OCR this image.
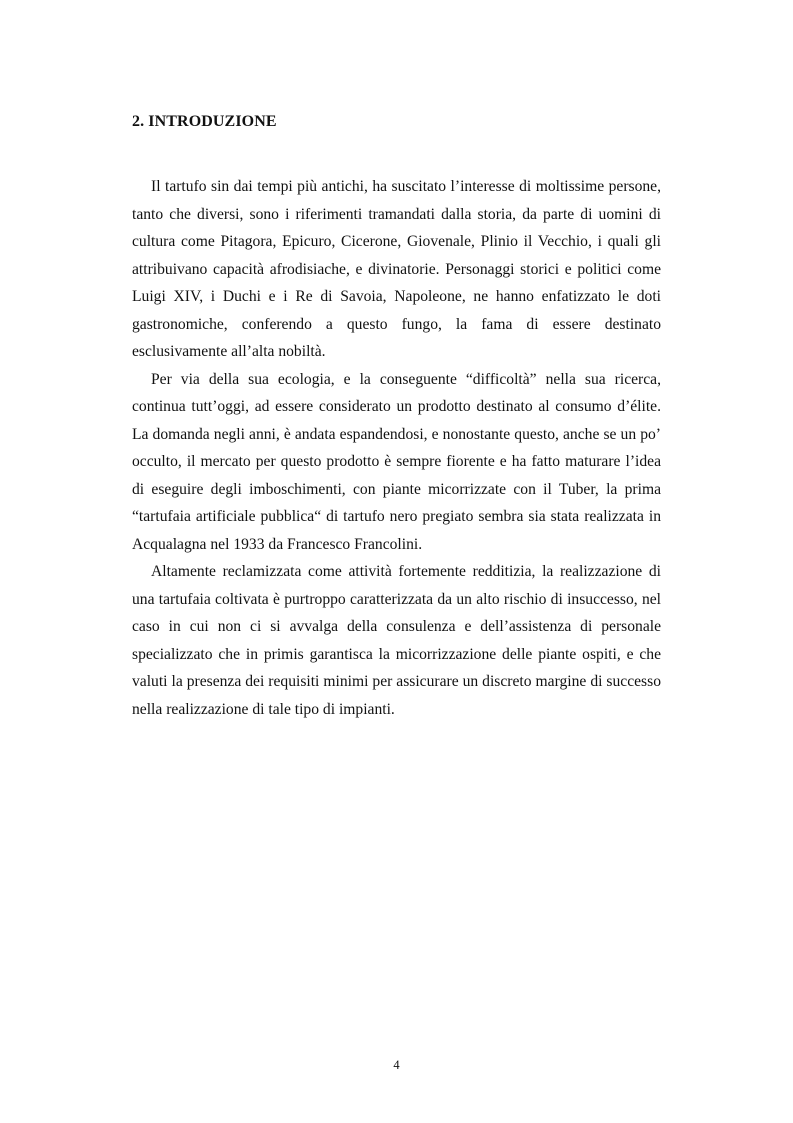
2. INTRODUZIONE

Il tartufo sin dai tempi più antichi, ha suscitato l’interesse di moltissime persone, tanto che diversi, sono i riferimenti tramandati dalla storia, da parte di uomini di cultura come Pitagora, Epicuro, Cicerone, Giovenale, Plinio il Vecchio, i quali gli attribuivano capacità afrodisiache, e divinatorie. Personaggi storici e politici come Luigi XIV, i Duchi e i Re di Savoia, Napoleone, ne hanno enfatizzato le doti gastronomiche, conferendo a questo fungo, la fama di essere destinato esclusivamente all’alta nobiltà.

Per via della sua ecologia, e la conseguente “difficoltà” nella sua ricerca, continua tutt’oggi, ad essere considerato un prodotto destinato al consumo d’élite. La domanda negli anni, è andata espandendosi, e nonostante questo, anche se un po’ occulto, il mercato per questo prodotto è sempre fiorente e ha fatto maturare l’idea di eseguire degli imboschimenti, con piante micorrizzate con il Tuber, la prima “tartufaia artificiale pubblica“ di tartufo nero pregiato sembra sia stata realizzata in Acqualagna nel 1933 da Francesco Francolini.

Altamente reclamizzata come attività fortemente redditizia, la realizzazione di una tartufaia coltivata è purtroppo caratterizzata da un alto rischio di insuccesso, nel caso in cui non ci si avvalga della consulenza e dell’assistenza di personale specializzato che in primis garantisca la micorrizzazione delle piante ospiti, e che valuti la presenza dei requisiti minimi per assicurare un discreto margine di successo nella realizzazione di tale tipo di impianti.

4
